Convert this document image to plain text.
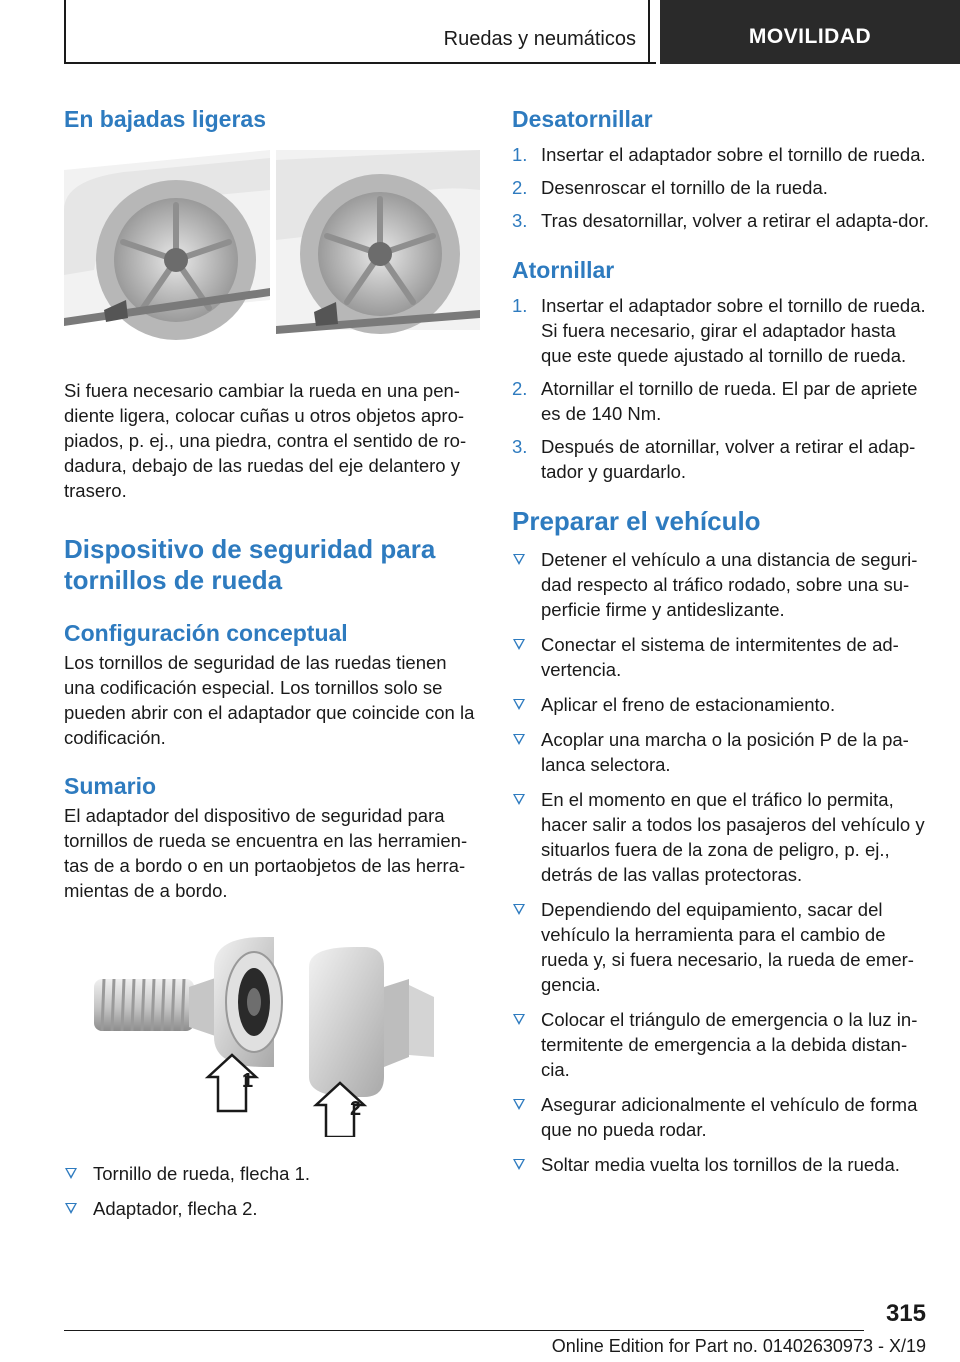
Ruedas y neumáticos	MOVILIDAD
En bajadas ligeras

Si fuera necesario cambiar la rueda en una pen-diente ligera, colocar cuñas u otros objetos apro-piados, p. ej., una piedra, contra el sentido de ro-dadura, debajo de las ruedas del eje delantero y trasero.

Dispositivo de seguridad para tornillos de rueda
Configuración conceptual

Los tornillos de seguridad de las ruedas tienen una codificación especial. Los tornillos solo se pueden abrir con el adaptador que coincide con la codificación.

Sumario

El adaptador del dispositivo de seguridad para tornillos de rueda se encuentra en las herramien-tas de a bordo o en un portaobjetos de las herra-mientas de a bordo.

1
2
Tornillo de rueda, flecha 1.
Adaptador, flecha 2.
Desatornillar
1. Insertar el adaptador sobre el tornillo de rueda.
2. Desenroscar el tornillo de la rueda.
3. Tras desatornillar, volver a retirar el adapta-dor.
Atornillar
1. Insertar el adaptador sobre el tornillo de rueda. Si fuera necesario, girar el adaptador hasta que este quede ajustado al tornillo de rueda.
2. Atornillar el tornillo de rueda. El par de apriete es de 140 Nm.
3. Después de atornillar, volver a retirar el adap-tador y guardarlo.
Preparar el vehículo
Detener el vehículo a una distancia de seguri-dad respecto al tráfico rodado, sobre una su-perficie firme y antideslizante.
Conectar el sistema de intermitentes de ad-vertencia.
Aplicar el freno de estacionamiento.
Acoplar una marcha o la posición P de la pa-lanca selectora.
En el momento en que el tráfico lo permita, hacer salir a todos los pasajeros del vehículo y situarlos fuera de la zona de peligro, p. ej., detrás de las vallas protectoras.
Dependiendo del equipamiento, sacar del vehículo la herramienta para el cambio de rueda y, si fuera necesario, la rueda de emer-gencia.
Colocar el triángulo de emergencia o la luz in-termitente de emergencia a la debida distan-cia.
Asegurar adicionalmente el vehículo de forma que no pueda rodar.
Soltar media vuelta los tornillos de la rueda.
315
Online Edition for Part no. 01402630973 - X/19
